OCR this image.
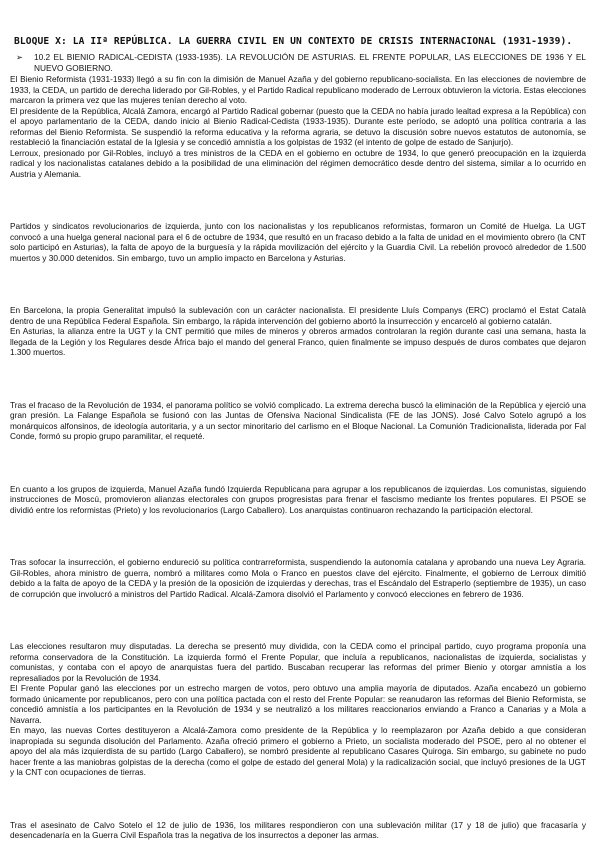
BLOQUE X: LA IIª REPÚBLICA. LA GUERRA CIVIL EN UN CONTEXTO DE CRISIS INTERNACIONAL (1931-1939).
➢	10.2 EL BIENIO RADICAL-CEDISTA (1933-1935). LA REVOLUCIÓN DE ASTURIAS. EL FRENTE POPULAR, LAS ELECCIONES DE 1936 Y EL NUEVO GOBIERNO.

El Bienio Reformista (1931-1933) llegó a su fin con la dimisión de Manuel Azaña y del gobierno republicano-socialista. En las elecciones de noviembre de 1933, la CEDA, un partido de derecha liderado por Gil-Robles, y el Partido Radical republicano moderado de Lerroux obtuvieron la victoria. Estas elecciones marcaron la primera vez que las mujeres tenían derecho al voto.

El presidente de la República, Alcalá Zamora, encargó al Partido Radical gobernar (puesto que la CEDA no había jurado lealtad expresa a la República) con el apoyo parlamentario de la CEDA, dando inicio al Bienio Radical-Cedista (1933-1935). Durante este período, se adoptó una política contraria a las reformas del Bienio Reformista. Se suspendió la reforma educativa y la reforma agraria, se detuvo la discusión sobre nuevos estatutos de autonomía, se restableció la financiación estatal de la Iglesia y se concedió amnistía a los golpistas de 1932 (el intento de golpe de estado de Sanjurjo).

Lerroux, presionado por Gil-Robles, incluyó a tres ministros de la CEDA en el gobierno en octubre de 1934, lo que generó preocupación en la izquierda radical y los nacionalistas catalanes debido a la posibilidad de una eliminación del régimen democrático desde dentro del sistema, similar a lo ocurrido en Austria y Alemania.

Partidos y sindicatos revolucionarios de izquierda, junto con los nacionalistas y los republicanos reformistas, formaron un Comité de Huelga. La UGT convocó a una huelga general nacional para el 6 de octubre de 1934, que resultó en un fracaso debido a la falta de unidad en el movimiento obrero (la CNT solo participó en Asturias), la falta de apoyo de la burguesía y la rápida movilización del ejército y la Guardia Civil. La rebelión provocó alrededor de 1.500 muertos y 30.000 detenidos. Sin embargo, tuvo un amplio impacto en Barcelona y Asturias.

En Barcelona, la propia Generalitat impulsó la sublevación con un carácter nacionalista. El presidente Lluís Companys (ERC) proclamó el Estat Català dentro de una República Federal Española. Sin embargo, la rápida intervención del gobierno abortó la insurrección y encarceló al gobierno catalán.

En Asturias, la alianza entre la UGT y la CNT permitió que miles de mineros y obreros armados controlaran la región durante casi una semana, hasta la llegada de la Legión y los Regulares desde África bajo el mando del general Franco, quien finalmente se impuso después de duros combates que dejaron 1.300 muertos.

Tras el fracaso de la Revolución de 1934, el panorama político se volvió complicado. La extrema derecha buscó la eliminación de la República y ejerció una gran presión. La Falange Española se fusionó con las Juntas de Ofensiva Nacional Sindicalista (FE de las JONS). José Calvo Sotelo agrupó a los monárquicos alfonsinos, de ideología autoritaria, y a un sector minoritario del carlismo en el Bloque Nacional. La Comunión Tradicionalista, liderada por Fal Conde, formó su propio grupo paramilitar, el requeté.

En cuanto a los grupos de izquierda, Manuel Azaña fundó Izquierda Republicana para agrupar a los republicanos de izquierdas. Los comunistas, siguiendo instrucciones de Moscú, promovieron alianzas electorales con grupos progresistas para frenar el fascismo mediante los frentes populares. El PSOE se dividió entre los reformistas (Prieto) y los revolucionarios (Largo Caballero). Los anarquistas continuaron rechazando la participación electoral.

Tras sofocar la insurrección, el gobierno endureció su política contrarreformista, suspendiendo la autonomía catalana y aprobando una nueva Ley Agraria. Gil-Robles, ahora ministro de guerra, nombró a militares como Mola o Franco en puestos clave del ejército. Finalmente, el gobierno de Lerroux dimitió debido a la falta de apoyo de la CEDA y la presión de la oposición de izquierdas y derechas, tras el Escándalo del Estraperlo (septiembre de 1935), un caso de corrupción que involucró a ministros del Partido Radical. Alcalá-Zamora disolvió el Parlamento y convocó elecciones en febrero de 1936.

Las elecciones resultaron muy disputadas. La derecha se presentó muy dividida, con la CEDA como el principal partido, cuyo programa proponía una reforma conservadora de la Constitución. La izquierda formó el Frente Popular, que incluía a republicanos, nacionalistas de izquierda, socialistas y comunistas, y contaba con el apoyo de anarquistas fuera del partido. Buscaban recuperar las reformas del primer Bienio y otorgar amnistía a los represaliados por la Revolución de 1934.

El Frente Popular ganó las elecciones por un estrecho margen de votos, pero obtuvo una amplia mayoría de diputados. Azaña encabezó un gobierno formado únicamente por republicanos, pero con una política pactada con el resto del Frente Popular: se reanudaron las reformas del Bienio Reformista, se concedió amnistía a los participantes en la Revolución de 1934 y se neutralizó a los militares reaccionarios enviando a Franco a Canarias y a Mola a Navarra.

En mayo, las nuevas Cortes destituyeron a Alcalá-Zamora como presidente de la República y lo reemplazaron por Azaña debido a que consideran inapropiada su segunda disolución del Parlamento. Azaña ofreció primero el gobierno a Prieto, un socialista moderado del PSOE, pero al no obtener el apoyo del ala más izquierdista de su partido (Largo Caballero), se nombró presidente al republicano Casares Quiroga. Sin embargo, su gabinete no pudo hacer frente a las maniobras golpistas de la derecha (como el golpe de estado del general Mola) y la radicalización social, que incluyó presiones de la UGT y la CNT con ocupaciones de tierras.

Tras el asesinato de Calvo Sotelo el 12 de julio de 1936, los militares respondieron con una sublevación militar (17 y 18 de julio) que fracasaría y desencadenaría en la Guerra Civil Española tras la negativa de los insurrectos a deponer las armas.
